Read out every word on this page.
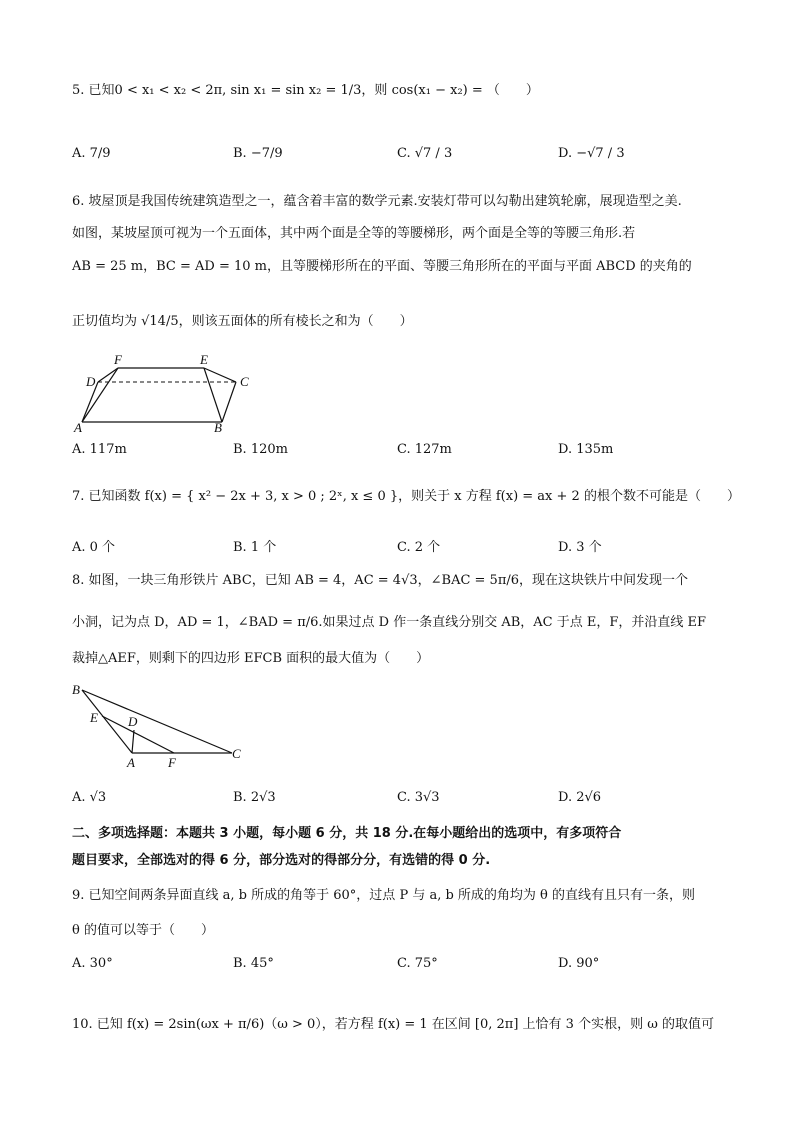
5. 已知0 < x₁ < x₂ < 2π, sin x₁ = sin x₂ = 1/3，则 cos(x₁ − x₂) = （　　）
A. 7/9	B. −7/9	C. √7 / 3	D. −√7 / 3
6. 坡屋顶是我国传统建筑造型之一，蕴含着丰富的数学元素.安装灯带可以勾勒出建筑轮廓，展现造型之美.
如图，某坡屋顶可视为一个五面体，其中两个面是全等的等腰梯形，两个面是全等的等腰三角形.若
AB = 25 m，BC = AD = 10 m，且等腰梯形所在的平面、等腰三角形所在的平面与平面 ABCD 的夹角的
正切值均为 √14/5，则该五面体的所有棱长之和为（　　）
F	E
D	C
A	B
A. 117m	B. 120m	C. 127m	D. 135m
7. 已知函数 f(x) = { x² − 2x + 3, x > 0 ; 2ˣ, x ≤ 0 }，则关于 x 方程 f(x) = ax + 2 的根个数不可能是（　　）
A. 0 个	B. 1 个	C. 2 个	D. 3 个
8. 如图，一块三角形铁片 ABC，已知 AB = 4，AC = 4√3，∠BAC = 5π/6，现在这块铁片中间发现一个
小洞，记为点 D，AD = 1，∠BAD = π/6.如果过点 D 作一条直线分别交 AB，AC 于点 E，F，并沿直线 EF
裁掉△AEF，则剩下的四边形 EFCB 面积的最大值为（　　）
B
E D
A	F
C
A. √3	B. 2√3	C. 3√3	D. 2√6
二、多项选择题：本题共 3 小题，每小题 6 分，共 18 分.在每小题给出的选项中，有多项符合
题目要求，全部选对的得 6 分，部分选对的得部分分，有选错的得 0 分.
9. 已知空间两条异面直线 a, b 所成的角等于 60°，过点 P 与 a, b 所成的角均为 θ 的直线有且只有一条，则
θ 的值可以等于（　　）
A. 30°	B. 45°	C. 75°	D. 90°
10. 已知 f(x) = 2sin(ωx + π/6)（ω > 0），若方程 f(x) = 1 在区间 [0, 2π] 上恰有 3 个实根，则 ω 的取值可
